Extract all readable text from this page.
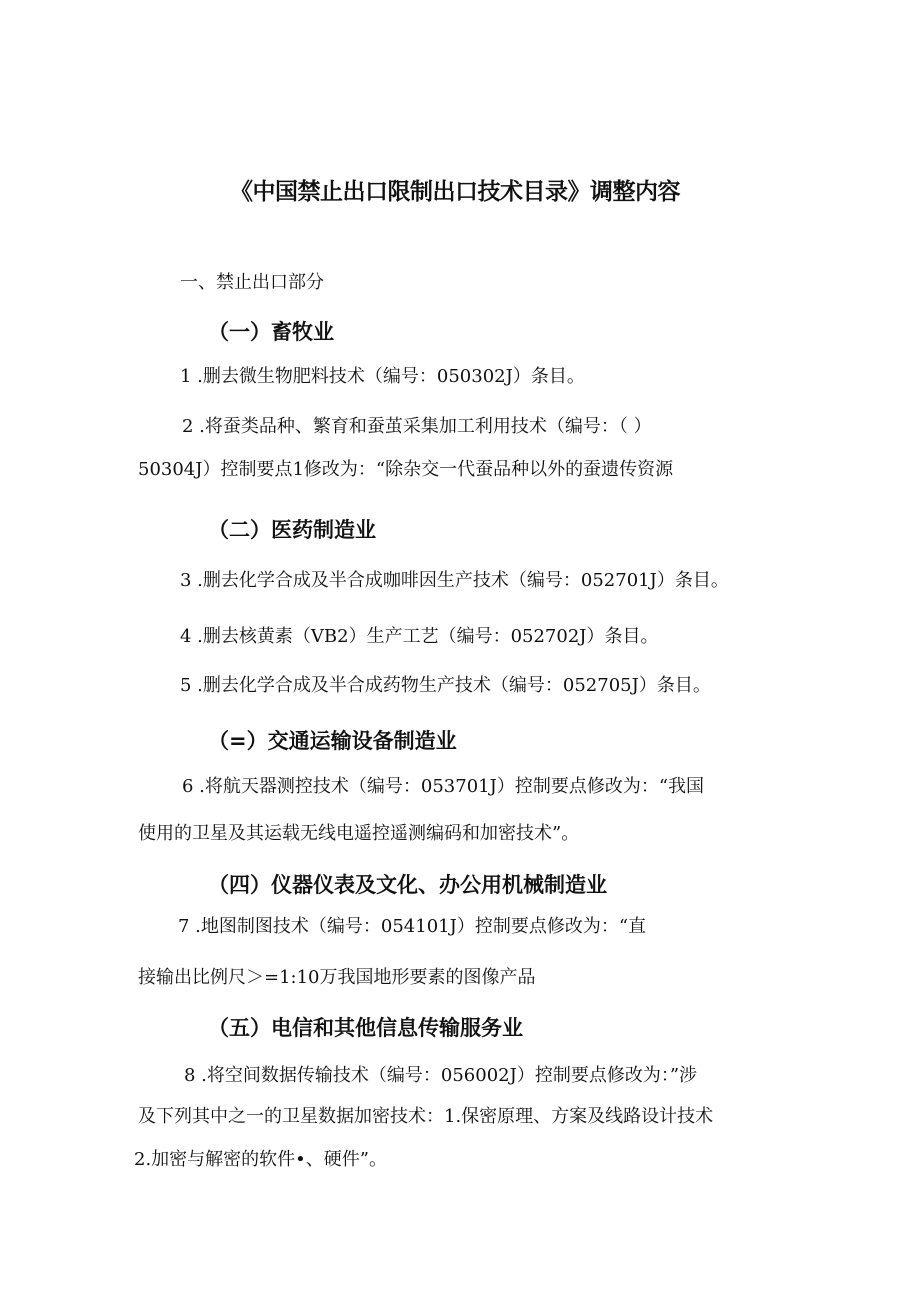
《中国禁止出口限制出口技术目录》调整内容
一、禁止出口部分
（一）畜牧业
1 .删去微生物肥料技术（编号：050302J）条目。
2 .将蚕类品种、繁育和蚕茧采集加工利用技术（编号：（ ）
50304J）控制要点1修改为：“除杂交一代蚕品种以外的蚕遗传资源
（二）医药制造业
3 .删去化学合成及半合成咖啡因生产技术（编号：052701J）条目。
4 .删去核黄素（VB2）生产工艺（编号：052702J）条目。
5 .删去化学合成及半合成药物生产技术（编号：052705J）条目。
（=）交通运输设备制造业
6 .将航天器测控技术（编号：053701J）控制要点修改为：“我国
使用的卫星及其运载无线电遥控遥测编码和加密技术”。
（四）仪器仪表及文化、办公用机械制造业
7 .地图制图技术（编号：054101J）控制要点修改为：“直
接输出比例尺＞=1:10万我国地形要素的图像产品
（五）电信和其他信息传输服务业
8 .将空间数据传输技术（编号：056002J）控制要点修改为：”涉
及下列其中之一的卫星数据加密技术：1.保密原理、方案及线路设计技术
2.加密与解密的软件•、硬件”。
